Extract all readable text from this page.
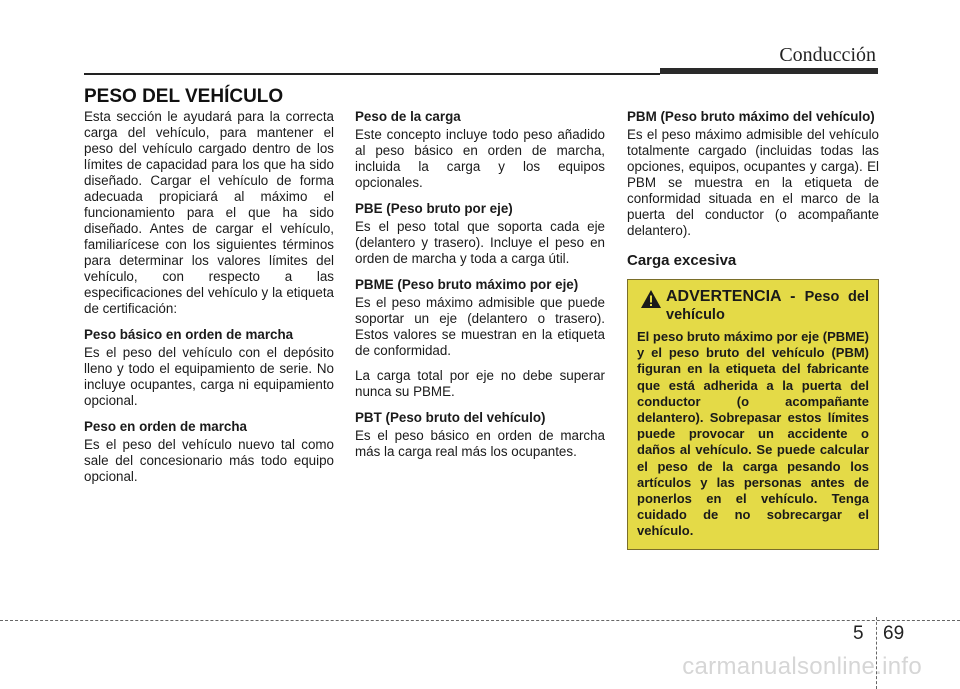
Conducción
PESO DEL VEHÍCULO

Esta sección le ayudará para la correcta carga del vehículo, para mantener el peso del vehículo cargado dentro de los límites de capacidad para los que ha sido diseñado. Cargar el vehículo de forma adecuada propiciará al máximo el funcionamiento para el que ha sido diseñado. Antes de cargar el vehículo, familiarícese con los siguientes términos para determinar los valores límites del vehículo, con respecto a las especificaciones del vehículo y la etiqueta de certificación:

Peso básico en orden de marcha

Es el peso del vehículo con el depósito lleno y todo el equipamiento de serie. No incluye ocupantes, carga ni equipamiento opcional.

Peso en orden de marcha

Es el peso del vehículo nuevo tal como sale del concesionario más todo equipo opcional.

Peso de la carga

Este concepto incluye todo peso añadido al peso básico en orden de marcha, incluida la carga y los equipos opcionales.

PBE (Peso bruto por eje)

Es el peso total que soporta cada eje (delantero y trasero). Incluye el peso en orden de marcha y toda a carga útil.

PBME (Peso bruto máximo por eje)

Es el peso máximo admisible que puede soportar un eje (delantero o trasero). Estos valores se muestran en la etiqueta de conformidad.

La carga total por eje no debe superar nunca su PBME.

PBT (Peso bruto del vehículo)

Es el peso básico en orden de marcha más la carga real más los ocupantes.

PBM (Peso bruto máximo del vehículo)

Es el peso máximo admisible del vehículo totalmente cargado (incluidas todas las opciones, equipos, ocupantes y carga). El PBM se muestra en la etiqueta de conformidad situada en el marco de la puerta del conductor (o acompañante delantero).

Carga excesiva
ADVERTENCIA - Peso del vehículo
El peso bruto máximo por eje (PBME) y el peso bruto del vehículo (PBM) figuran en la etiqueta del fabricante que está adherida a la puerta del conductor (o acompañante delantero). Sobrepasar estos límites puede provocar un accidente o daños al vehículo. Se puede calcular el peso de la carga pesando los artículos y las personas antes de ponerlos en el vehículo. Tenga cuidado de no sobrecargar el vehículo.
5 69
carmanualsonline.info
